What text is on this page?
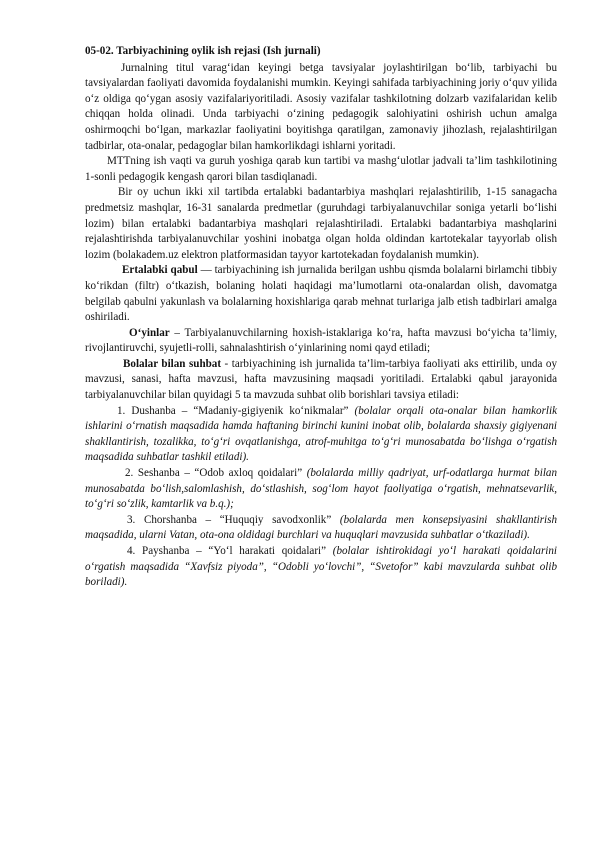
05-02. Tarbiyachining oylik ish rejasi (Ish jurnali)

Jurnalning titul varag‘idan keyingi betga tavsiyalar joylashtirilgan bo‘lib, tarbiyachi bu tavsiyalardan faoliyati davomida foydalanishi mumkin. Keyingi sahifada tarbiyachining joriy o‘quv yilida o‘z oldiga qo‘ygan asosiy vazifalariyoritiladi. Asosiy vazifalar tashkilotning dolzarb vazifalaridan kelib chiqqan holda olinadi. Unda tarbiyachi o‘zining pedagogik salohiyatini oshirish uchun amalga oshirmoqchi bo‘lgan, markazlar faoliyatini boyitishga qaratilgan, zamonaviy jihozlash, rejalashtirilgan tadbirlar, ota-onalar, pedagoglar bilan hamkorlikdagi ishlarni yoritadi.

MTTning ish vaqti va guruh yoshiga qarab kun tartibi va mashg‘ulotlar jadvali ta’lim tashkilotining 1-sonli pedagogik kengash qarori bilan tasdiqlanadi.

Bir oy uchun ikki xil tartibda ertalabki badantarbiya mashqlari rejalashtirilib, 1-15 sanagacha predmetsiz mashqlar, 16-31 sanalarda predmetlar (guruhdagi tarbiyalanuvchilar soniga yetarli bo‘lishi lozim) bilan ertalabki badantarbiya mashqlari rejalashtiriladi. Ertalabki badantarbiya mashqlarini rejalashtirishda tarbiyalanuvchilar yoshini inobatga olgan holda oldindan kartotekalar tayyorlab olish lozim (bolakadem.uz elektron platformasidan tayyor kartotekadan foydalanish mumkin).

Ertalabki qabul — tarbiyachining ish jurnalida berilgan ushbu qismda bolalarni birlamchi tibbiy ko‘rikdan (filtr) o‘tkazish, bolaning holati haqidagi ma’lumotlarni ota-onalardan olish, davomatga belgilab qabulni yakunlash va bolalarning hoxishlariga qarab mehnat turlariga jalb etish tadbirlari amalga oshiriladi.

O‘yinlar – Tarbiyalanuvchilarning hoxish-istaklariga ko‘ra, hafta mavzusi bo‘yicha ta’limiy, rivojlantiruvchi, syujetli-rolli, sahnalashtirish o‘yinlarining nomi qayd etiladi;

Bolalar bilan suhbat - tarbiyachining ish jurnalida ta’lim-tarbiya faoliyati aks ettirilib, unda oy mavzusi, sanasi, hafta mavzusi, hafta mavzusining maqsadi yoritiladi. Ertalabki qabul jarayonida tarbiyalanuvchilar bilan quyidagi 5 ta mavzuda suhbat olib borishlari tavsiya etiladi:

1. Dushanba – “Madaniy-gigiyenik ko‘nikmalar” (bolalar orqali ota-onalar bilan hamkorlik ishlarini o‘rnatish maqsadida hamda haftaning birinchi kunini inobat olib, bolalarda shaxsiy gigiyenani shakllantirish, tozalikka, to‘g‘ri ovqatlanishga, atrof-muhitga to‘g‘ri munosabatda bo‘lishga o‘rgatish maqsadida suhbatlar tashkil etiladi).

2. Seshanba – “Odob axloq qoidalari” (bolalarda milliy qadriyat, urf-odatlarga hurmat bilan munosabatda bo‘lish,salomlashish, do‘stlashish, sog‘lom hayot faoliyatiga o‘rgatish, mehnatsevarlik, to‘g‘ri so‘zlik, kamtarlik va b.q.);

3. Chorshanba – “Huquqiy savodxonlik” (bolalarda men konsepsiyasini shakllantirish maqsadida, ularni Vatan, ota-ona oldidagi burchlari va huquqlari mavzusida suhbatlar o‘tkaziladi).

4. Payshanba – “Yo‘l harakati qoidalari” (bolalar ishtirokidagi yo‘l harakati qoidalarini o‘rgatish maqsadida “Xavfsiz piyoda”, “Odobli yo‘lovchi”, “Svetofor” kabi mavzularda suhbat olib boriladi).
